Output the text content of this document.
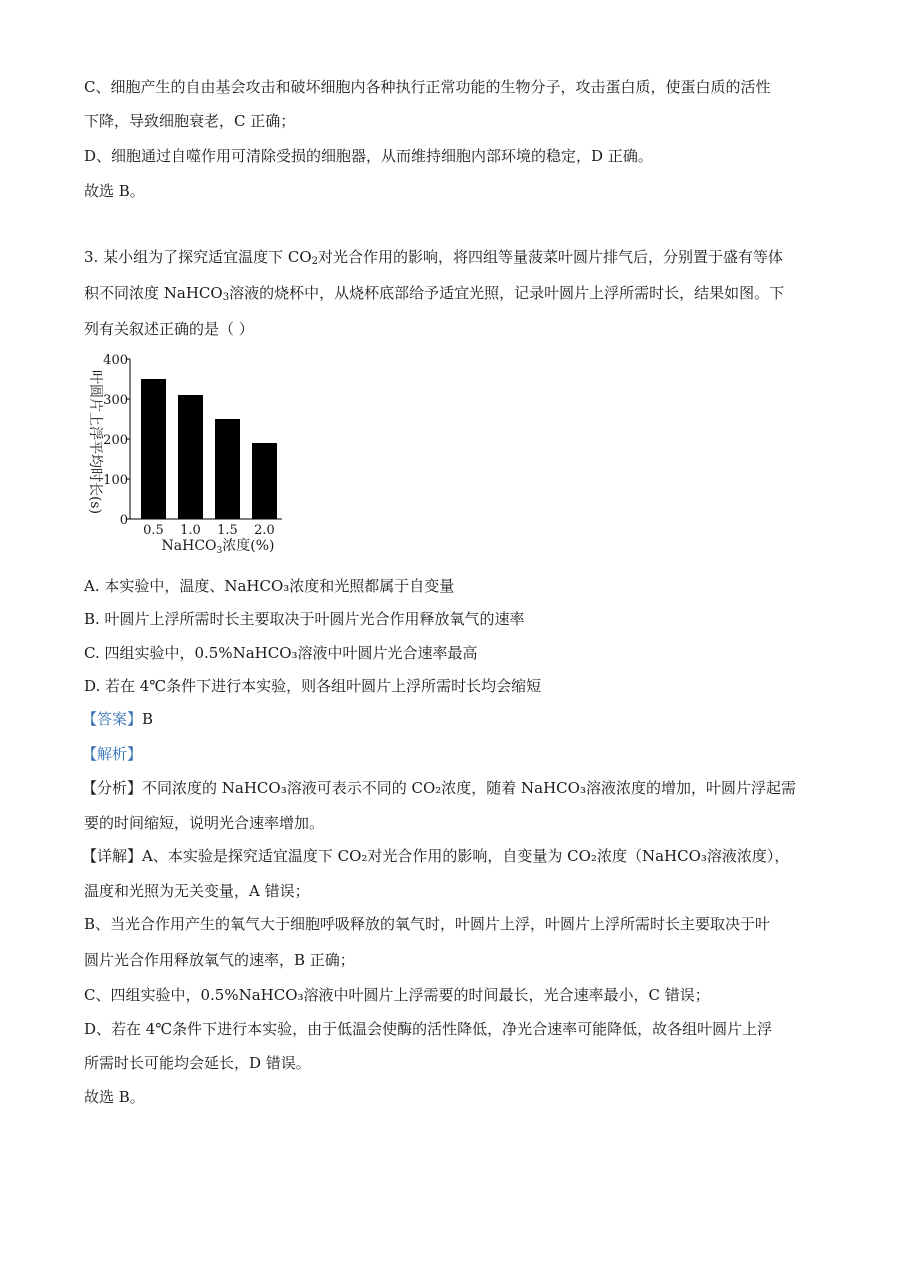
C、细胞产生的自由基会攻击和破坏细胞内各种执行正常功能的生物分子，攻击蛋白质，使蛋白质的活性
下降，导致细胞衰老，C 正确；
D、细胞通过自噬作用可清除受损的细胞器，从而维持细胞内部环境的稳定，D 正确。
故选 B。
3. 某小组为了探究适宜温度下 $CO_2$对光合作用的影响，将四组等量菠菜叶圆片排气后，分别置于盛有等体
积不同浓度 NaHCO$_3$溶液的烧杯中，从烧杯底部给予适宜光照，记录叶圆片上浮所需时长，结果如图。下
列有关叙述正确的是（ ）
叶圆片上浮平均时长(s)
0
100
200
300
400
0.5 1.0 1.5 2.0
NaHCO$_3$浓度(%)
A. 本实验中，温度、NaHCO₃浓度和光照都属于自变量
B. 叶圆片上浮所需时长主要取决于叶圆片光合作用释放氧气的速率
C. 四组实验中，0.5%NaHCO₃溶液中叶圆片光合速率最高
D. 若在 4℃条件下进行本实验，则各组叶圆片上浮所需时长均会缩短
【答案】B
【解析】
【分析】不同浓度的 NaHCO₃溶液可表示不同的 CO₂浓度，随着 NaHCO₃溶液浓度的增加，叶圆片浮起需
要的时间缩短，说明光合速率增加。
【详解】A、本实验是探究适宜温度下 CO₂对光合作用的影响，自变量为 CO₂浓度（NaHCO₃溶液浓度），
温度和光照为无关变量，A 错误；
B、当光合作用产生的氧气大于细胞呼吸释放的氧气时，叶圆片上浮，叶圆片上浮所需时长主要取决于叶
圆片光合作用释放氧气的速率，B 正确；
C、四组实验中，0.5%NaHCO₃溶液中叶圆片上浮需要的时间最长，光合速率最小，C 错误；
D、若在 4℃条件下进行本实验，由于低温会使酶的活性降低，净光合速率可能降低，故各组叶圆片上浮
所需时长可能均会延长，D 错误。
故选 B。
